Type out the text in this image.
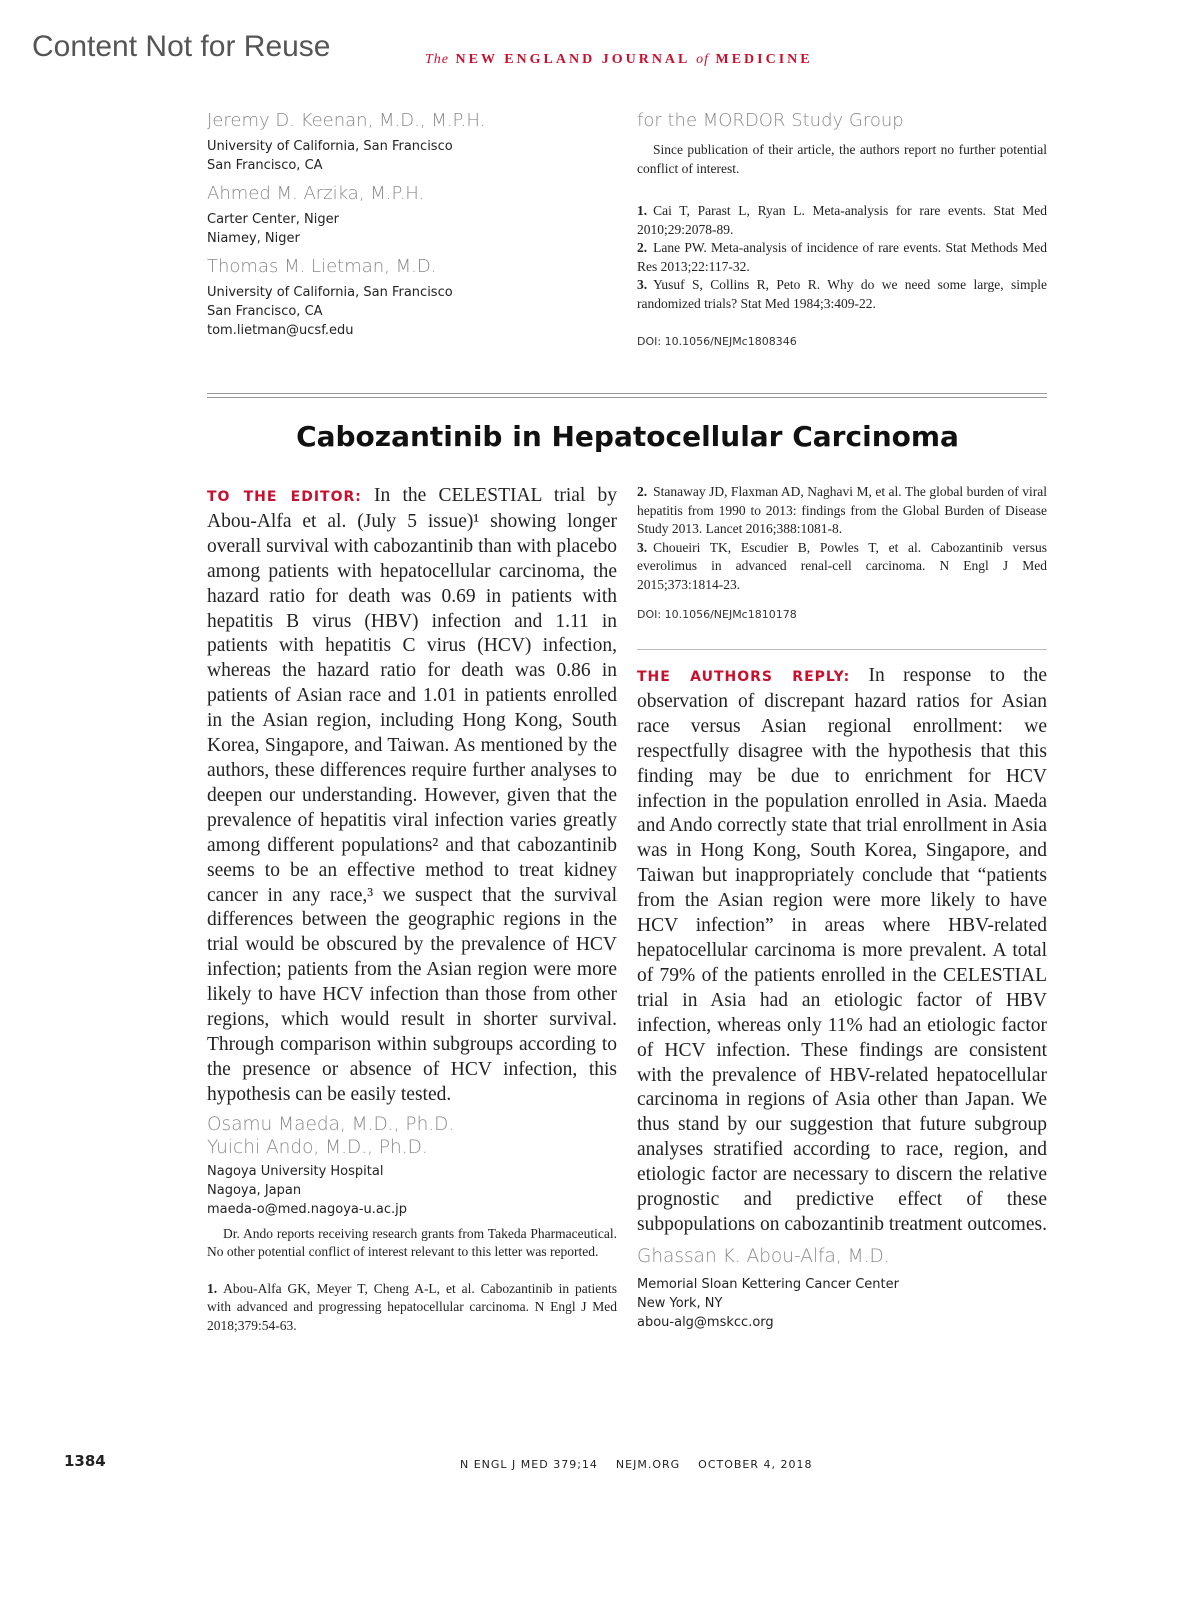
Content Not for Reuse	The NEW ENGLAND JOURNAL of MEDICINE
Jeremy D. Keenan, M.D., M.P.H.
University of California, San Francisco
San Francisco, CA
Ahmed M. Arzika, M.P.H.
Carter Center, Niger
Niamey, Niger
Thomas M. Lietman, M.D.
University of California, San Francisco
San Francisco, CA
tom.lietman@ucsf.edu
for the MORDOR Study Group
Since publication of their article, the authors report no further potential conflict of interest.

1. Cai T, Parast L, Ryan L. Meta-analysis for rare events. Stat Med 2010;29:2078-89.

2. Lane PW. Meta-analysis of incidence of rare events. Stat Methods Med Res 2013;22:117-32.

3. Yusuf S, Collins R, Peto R. Why do we need some large, simple randomized trials? Stat Med 1984;3:409-22.

DOI: 10.1056/NEJMc1808346
Cabozantinib in Hepatocellular Carcinoma

TO THE EDITOR: In the CELESTIAL trial by Abou-Alfa et al. (July 5 issue)¹ showing longer overall survival with cabozantinib than with placebo among patients with hepatocellular carcinoma, the hazard ratio for death was 0.69 in patients with hepatitis B virus (HBV) infection and 1.11 in patients with hepatitis C virus (HCV) infection, whereas the hazard ratio for death was 0.86 in patients of Asian race and 1.01 in patients enrolled in the Asian region, including Hong Kong, South Korea, Singapore, and Taiwan. As mentioned by the authors, these differences require further analyses to deepen our understanding. However, given that the prevalence of hepatitis viral infection varies greatly among different populations² and that cabozantinib seems to be an effective method to treat kidney cancer in any race,³ we suspect that the survival differences between the geographic regions in the trial would be obscured by the prevalence of HCV infection; patients from the Asian region were more likely to have HCV infection than those from other regions, which would result in shorter survival. Through comparison within subgroups according to the presence or absence of HCV infection, this hypothesis can be easily tested.

Osamu Maeda, M.D., Ph.D.
Yuichi Ando, M.D., Ph.D.
Nagoya University Hospital
Nagoya, Japan
maeda-o@med.nagoya-u.ac.jp
Dr. Ando reports receiving research grants from Takeda Pharmaceutical. No other potential conflict of interest relevant to this letter was reported.

1. Abou-Alfa GK, Meyer T, Cheng A-L, et al. Cabozantinib in patients with advanced and progressing hepatocellular carcinoma. N Engl J Med 2018;379:54-63.

2. Stanaway JD, Flaxman AD, Naghavi M, et al. The global burden of viral hepatitis from 1990 to 2013: findings from the Global Burden of Disease Study 2013. Lancet 2016;388:1081-8.

3. Choueiri TK, Escudier B, Powles T, et al. Cabozantinib versus everolimus in advanced renal-cell carcinoma. N Engl J Med 2015;373:1814-23.

DOI: 10.1056/NEJMc1810178

THE AUTHORS REPLY: In response to the observation of discrepant hazard ratios for Asian race versus Asian regional enrollment: we respectfully disagree with the hypothesis that this finding may be due to enrichment for HCV infection in the population enrolled in Asia. Maeda and Ando correctly state that trial enrollment in Asia was in Hong Kong, South Korea, Singapore, and Taiwan but inappropriately conclude that “patients from the Asian region were more likely to have HCV infection” in areas where HBV-related hepatocellular carcinoma is more prevalent. A total of 79% of the patients enrolled in the CELESTIAL trial in Asia had an etiologic factor of HBV infection, whereas only 11% had an etiologic factor of HCV infection. These findings are consistent with the prevalence of HBV-related hepatocellular carcinoma in regions of Asia other than Japan. We thus stand by our suggestion that future subgroup analyses stratified according to race, region, and etiologic factor are necessary to discern the relative prognostic and predictive effect of these subpopulations on cabozantinib treatment outcomes.

Ghassan K. Abou-Alfa, M.D.
Memorial Sloan Kettering Cancer Center
New York, NY
abou-alg@mskcc.org
1384	N ENGL J MED 379;14 NEJM.ORG OCTOBER 4, 2018
